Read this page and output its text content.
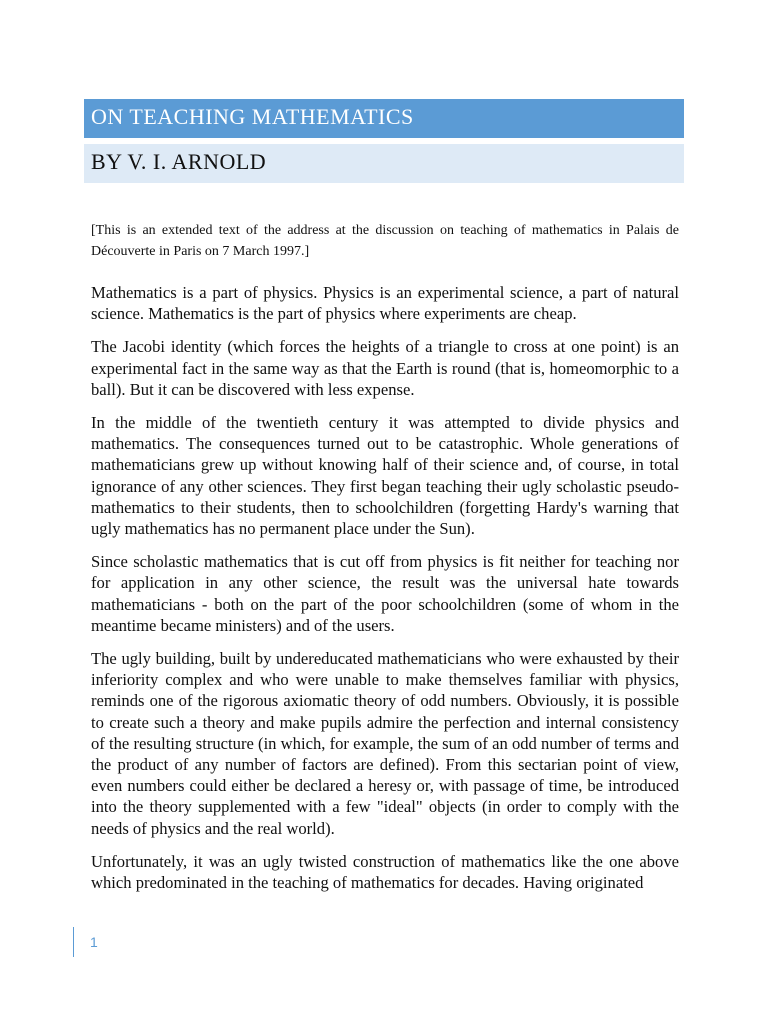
ON TEACHING MATHEMATICS
BY V. I. ARNOLD

[This is an extended text of the address at the discussion on teaching of mathematics in Palais de Découverte in Paris on 7 March 1997.]

Mathematics is a part of physics. Physics is an experimental science, a part of natural science. Mathematics is the part of physics where experiments are cheap.

The Jacobi identity (which forces the heights of a triangle to cross at one point) is an experimental fact in the same way as that the Earth is round (that is, homeomorphic to a ball). But it can be discovered with less expense.

In the middle of the twentieth century it was attempted to divide physics and mathematics. The consequences turned out to be catastrophic. Whole generations of mathematicians grew up without knowing half of their science and, of course, in total ignorance of any other sciences. They first began teaching their ugly scholastic pseudo-mathematics to their students, then to schoolchildren (forgetting Hardy's warning that ugly mathematics has no permanent place under the Sun).

Since scholastic mathematics that is cut off from physics is fit neither for teaching nor for application in any other science, the result was the universal hate towards mathematicians - both on the part of the poor schoolchildren (some of whom in the meantime became ministers) and of the users.

The ugly building, built by undereducated mathematicians who were exhausted by their inferiority complex and who were unable to make themselves familiar with physics, reminds one of the rigorous axiomatic theory of odd numbers. Obviously, it is possible to create such a theory and make pupils admire the perfection and internal consistency of the resulting structure (in which, for example, the sum of an odd number of terms and the product of any number of factors are defined). From this sectarian point of view, even numbers could either be declared a heresy or, with passage of time, be introduced into the theory supplemented with a few "ideal" objects (in order to comply with the needs of physics and the real world).

Unfortunately, it was an ugly twisted construction of mathematics like the one above which predominated in the teaching of mathematics for decades. Having originated

1
